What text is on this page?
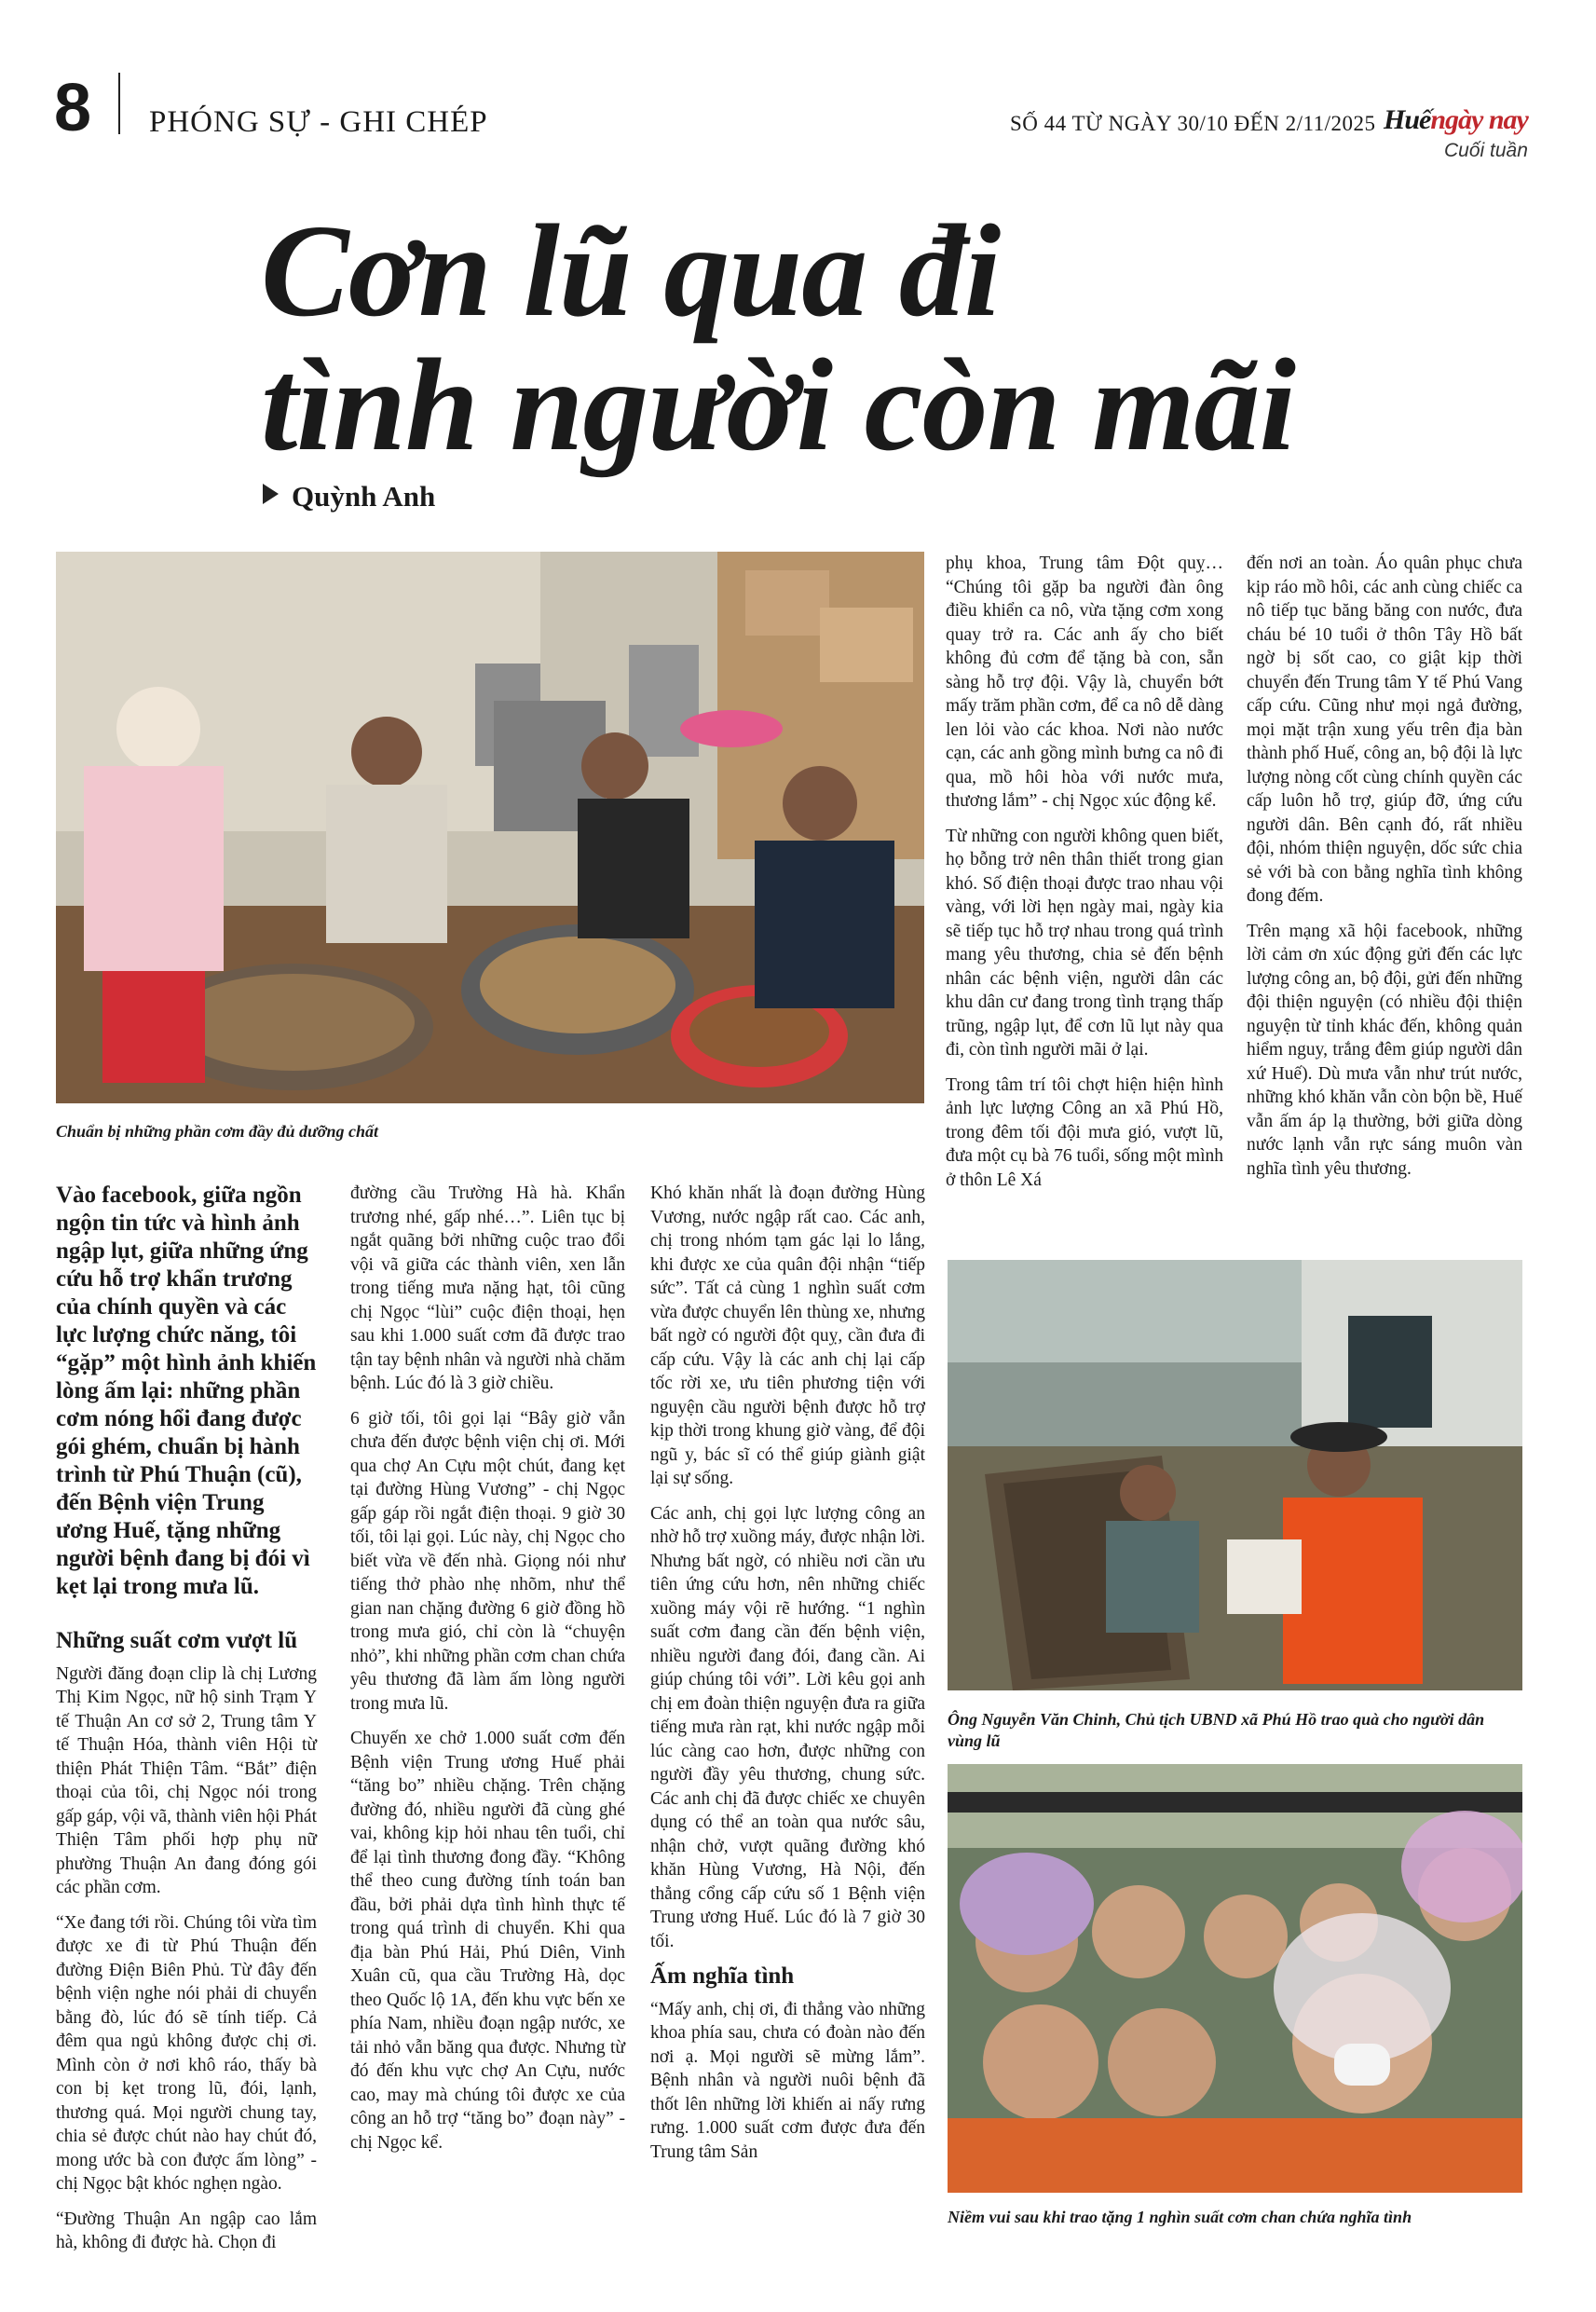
8 PHÓNG SỰ - GHI CHÉP	SỐ 44 TỪ NGÀY 30/10 ĐẾN 2/11/2025 Huếngày nay
Cuối tuần
Cơn lũ qua đi
tình người còn mãi
Quỳnh Anh
Chuẩn bị những phần cơm đầy đủ dưỡng chất

Vào facebook, giữa ngồn ngộn tin tức và hình ảnh ngập lụt, giữa những ứng cứu hỗ trợ khẩn trương của chính quyền và các lực lượng chức năng, tôi “gặp” một hình ảnh khiến lòng ấm lại: những phần cơm nóng hổi đang được gói ghém, chuẩn bị hành trình từ Phú Thuận (cũ), đến Bệnh viện Trung ương Huế, tặng những người bệnh đang bị đói vì kẹt lại trong mưa lũ.

Những suất cơm vượt lũ

Người đăng đoạn clip là chị Lương Thị Kim Ngọc, nữ hộ sinh Trạm Y tế Thuận An cơ sở 2, Trung tâm Y tế Thuận Hóa, thành viên Hội từ thiện Phát Thiện Tâm. “Bắt” điện thoại của tôi, chị Ngọc nói trong gấp gáp, vội vã, thành viên hội Phát Thiện Tâm phối hợp phụ nữ phường Thuận An đang đóng gói các phần cơm.

“Xe đang tới rồi. Chúng tôi vừa tìm được xe đi từ Phú Thuận đến đường Điện Biên Phủ. Từ đây đến bệnh viện nghe nói phải di chuyển bằng đò, lúc đó sẽ tính tiếp. Cả đêm qua ngủ không được chị ơi. Mình còn ở nơi khô ráo, thấy bà con bị kẹt trong lũ, đói, lạnh, thương quá. Mọi người chung tay, chia sẻ được chút nào hay chút đó, mong ước bà con được ấm lòng” - chị Ngọc bật khóc nghẹn ngào.

“Đường Thuận An ngập cao lắm hà, không đi được hà. Chọn đi

đường cầu Trường Hà hà. Khẩn trương nhé, gấp nhé…”. Liên tục bị ngắt quãng bởi những cuộc trao đổi vội vã giữa các thành viên, xen lẫn trong tiếng mưa nặng hạt, tôi cũng chị Ngọc “lùi” cuộc điện thoại, hẹn sau khi 1.000 suất cơm đã được trao tận tay bệnh nhân và người nhà chăm bệnh. Lúc đó là 3 giờ chiều.

6 giờ tối, tôi gọi lại “Bây giờ vẫn chưa đến được bệnh viện chị ơi. Mới qua chợ An Cựu một chút, đang kẹt tại đường Hùng Vương” - chị Ngọc gấp gáp rồi ngắt điện thoại. 9 giờ 30 tối, tôi lại gọi. Lúc này, chị Ngọc cho biết vừa về đến nhà. Giọng nói như tiếng thở phào nhẹ nhõm, như thể gian nan chặng đường 6 giờ đồng hồ trong mưa gió, chỉ còn là “chuyện nhỏ”, khi những phần cơm chan chứa yêu thương đã làm ấm lòng người trong mưa lũ.

Chuyến xe chở 1.000 suất cơm đến Bệnh viện Trung ương Huế phải “tăng bo” nhiều chặng. Trên chặng đường đó, nhiều người đã cùng ghé vai, không kịp hỏi nhau tên tuổi, chỉ để lại tình thương đong đầy. “Không thể theo cung đường tính toán ban đầu, bởi phải dựa tình hình thực tế trong quá trình di chuyển. Khi qua địa bàn Phú Hải, Phú Diên, Vinh Xuân cũ, qua cầu Trường Hà, dọc theo Quốc lộ 1A, đến khu vực bến xe phía Nam, nhiều đoạn ngập nước, xe tải nhỏ vẫn băng qua được. Nhưng từ đó đến khu vực chợ An Cựu, nước cao, may mà chúng tôi được xe của công an hỗ trợ “tăng bo” đoạn này” - chị Ngọc kể.

Khó khăn nhất là đoạn đường Hùng Vương, nước ngập rất cao. Các anh, chị trong nhóm tạm gác lại lo lắng, khi được xe của quân đội nhận “tiếp sức”. Tất cả cùng 1 nghìn suất cơm vừa được chuyển lên thùng xe, nhưng bất ngờ có người đột quỵ, cần đưa đi cấp cứu. Vậy là các anh chị lại cấp tốc rời xe, ưu tiên phương tiện với nguyện cầu người bệnh được hỗ trợ kịp thời trong khung giờ vàng, để đội ngũ y, bác sĩ có thể giúp giành giật lại sự sống.

Các anh, chị gọi lực lượng công an nhờ hỗ trợ xuồng máy, được nhận lời. Nhưng bất ngờ, có nhiều nơi cần ưu tiên ứng cứu hơn, nên những chiếc xuồng máy vội rẽ hướng. “1 nghìn suất cơm đang cần đến bệnh viện, nhiều người đang đói, đang cần. Ai giúp chúng tôi với”. Lời kêu gọi anh chị em đoàn thiện nguyện đưa ra giữa tiếng mưa ràn rạt, khi nước ngập mỗi lúc càng cao hơn, được những con người đầy yêu thương, chung sức. Các anh chị đã được chiếc xe chuyên dụng có thể an toàn qua nước sâu, nhận chở, vượt quãng đường khó khăn Hùng Vương, Hà Nội, đến thẳng cổng cấp cứu số 1 Bệnh viện Trung ương Huế. Lúc đó là 7 giờ 30 tối.

Ấm nghĩa tình

“Mấy anh, chị ơi, đi thẳng vào những khoa phía sau, chưa có đoàn nào đến nơi ạ. Mọi người sẽ mừng lắm”. Bệnh nhân và người nuôi bệnh đã thốt lên những lời khiến ai nấy rưng rưng. 1.000 suất cơm được đưa đến Trung tâm Sản

phụ khoa, Trung tâm Đột quỵ… “Chúng tôi gặp ba người đàn ông điều khiển ca nô, vừa tặng cơm xong quay trở ra. Các anh ấy cho biết không đủ cơm để tặng bà con, sẵn sàng hỗ trợ đội. Vậy là, chuyển bớt mấy trăm phần cơm, để ca nô dễ dàng len lỏi vào các khoa. Nơi nào nước cạn, các anh gồng mình bưng ca nô đi qua, mồ hôi hòa với nước mưa, thương lắm” - chị Ngọc xúc động kể.

Từ những con người không quen biết, họ bỗng trở nên thân thiết trong gian khó. Số điện thoại được trao nhau vội vàng, với lời hẹn ngày mai, ngày kia sẽ tiếp tục hỗ trợ nhau trong quá trình mang yêu thương, chia sẻ đến bệnh nhân các bệnh viện, người dân các khu dân cư đang trong tình trạng thấp trũng, ngập lụt, để cơn lũ lụt này qua đi, còn tình người mãi ở lại.

Trong tâm trí tôi chợt hiện hiện hình ảnh lực lượng Công an xã Phú Hồ, trong đêm tối đội mưa gió, vượt lũ, đưa một cụ bà 76 tuổi, sống một mình ở thôn Lê Xá

đến nơi an toàn. Áo quân phục chưa kịp ráo mồ hôi, các anh cùng chiếc ca nô tiếp tục băng băng con nước, đưa cháu bé 10 tuổi ở thôn Tây Hồ bất ngờ bị sốt cao, co giật kịp thời chuyển đến Trung tâm Y tế Phú Vang cấp cứu. Cũng như mọi ngả đường, mọi mặt trận xung yếu trên địa bàn thành phố Huế, công an, bộ đội là lực lượng nòng cốt cùng chính quyền các cấp luôn hỗ trợ, giúp đỡ, ứng cứu người dân. Bên cạnh đó, rất nhiều đội, nhóm thiện nguyện, dốc sức chia sẻ với bà con bằng nghĩa tình không đong đếm.

Trên mạng xã hội facebook, những lời cảm ơn xúc động gửi đến các lực lượng công an, bộ đội, gửi đến những đội thiện nguyện (có nhiều đội thiện nguyện từ tỉnh khác đến, không quản hiểm nguy, trắng đêm giúp người dân xứ Huế). Dù mưa vẫn như trút nước, những khó khăn vẫn còn bộn bề, Huế vẫn ấm áp lạ thường, bởi giữa dòng nước lạnh vẫn rực sáng muôn vàn nghĩa tình yêu thương.

Ông Nguyễn Văn Chinh, Chủ tịch UBND xã Phú Hồ trao quà cho người dân vùng lũ
Niềm vui sau khi trao tặng 1 nghìn suất cơm chan chứa nghĩa tình
